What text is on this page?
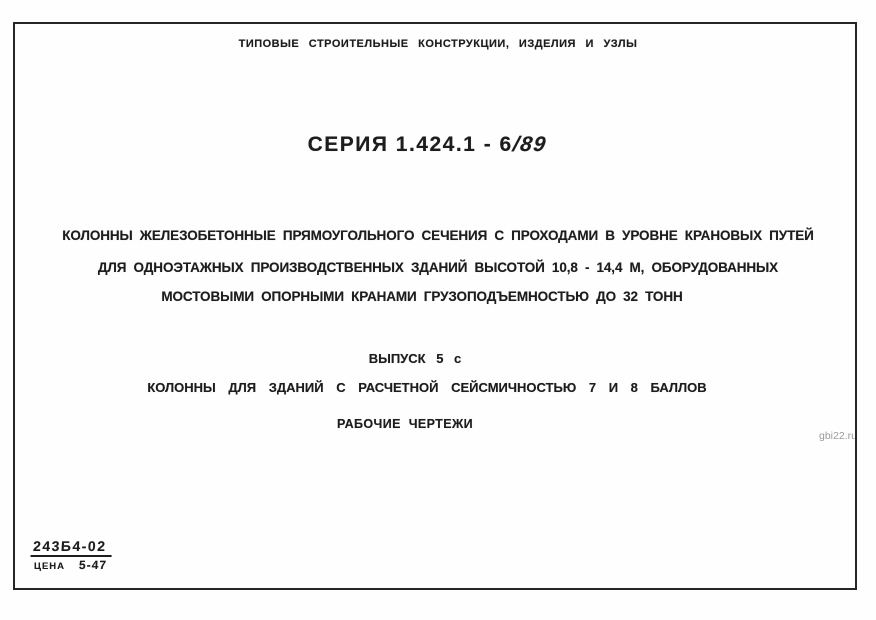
ТИПОВЫЕ СТРОИТЕЛЬНЫЕ КОНСТРУКЦИИ, ИЗДЕЛИЯ И УЗЛЫ
СЕРИЯ 1.424.1 - 6/89
КОЛОННЫ ЖЕЛЕЗОБЕТОННЫЕ ПРЯМОУГОЛЬНОГО СЕЧЕНИЯ С ПРОХОДАМИ В УРОВНЕ КРАНОВЫХ ПУТЕЙ
ДЛЯ ОДНОЭТАЖНЫХ ПРОИЗВОДСТВЕННЫХ ЗДАНИЙ ВЫСОТОЙ 10,8 - 14,4 М, ОБОРУДОВАННЫХ
МОСТОВЫМИ ОПОРНЫМИ КРАНАМИ ГРУЗОПОДЪЕМНОСТЬЮ ДО 32 ТОНН
ВЫПУСК 5 с
КОЛОННЫ ДЛЯ ЗДАНИЙ С РАСЧЕТНОЙ СЕЙСМИЧНОСТЬЮ 7 И 8 БАЛЛОВ
РАБОЧИЕ ЧЕРТЕЖИ
243Б4-02
ЦЕНА 5-47
gbi22.ru
